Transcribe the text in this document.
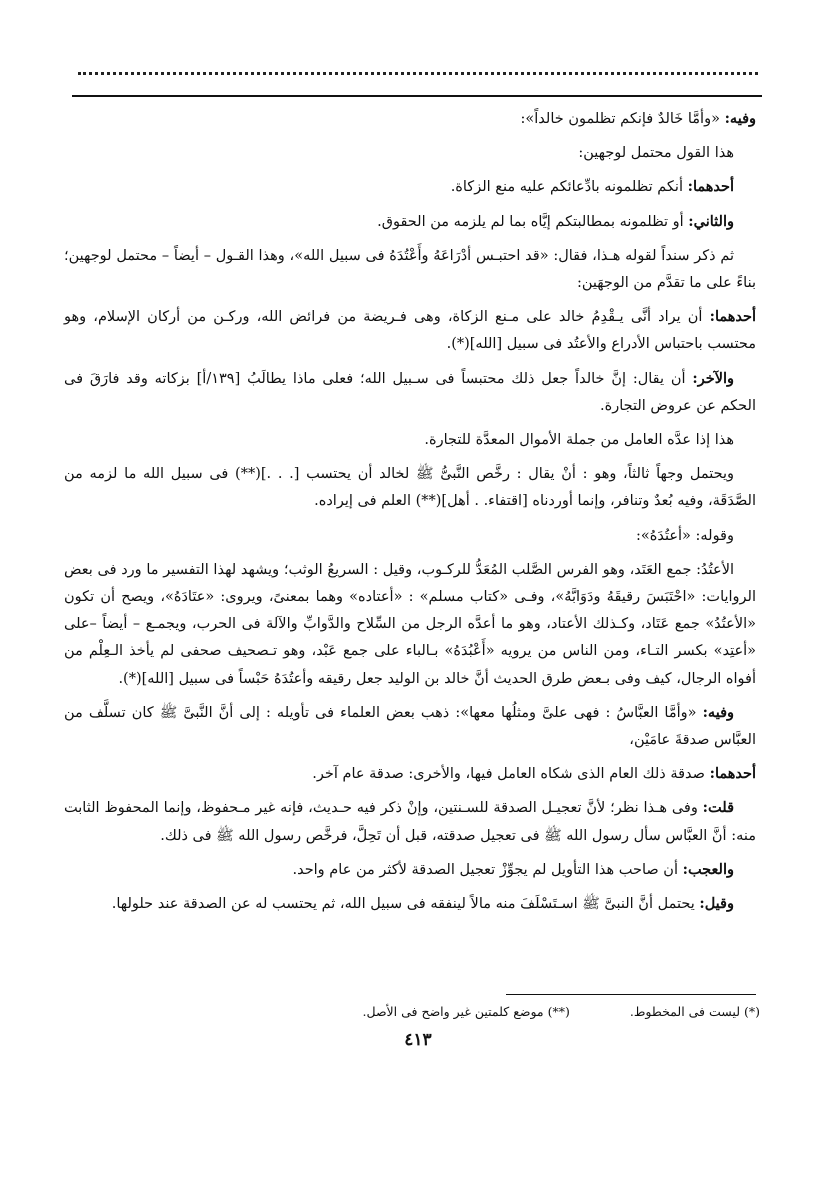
وفيه: «وأمَّا خَالدٌ فإنكم تظلمون خالداً»:

هذا القول محتمل لوجهين:

أحدهما: أنكم تظلمونه بادِّعائكم عليه منع الزكاة.

والثاني: أو تظلمونه بمطالبتكم إيَّاه بما لم يلزمه من الحقوق.

ثم ذكر سنداً لقوله هـذا، فقال: «قد احتبـس أدْرَاعَهُ وأَعْتُدَهُ فى سبيل الله»، وهذا القـول – أيضاً – محتمل لوجهين؛ بناءً على ما تقدَّم من الوجهَين:

أحدهما: أن يراد أنَّى يـقْدِمُ خالد على مـنع الزكاة، وهى فـريضة من فرائض الله، وركـن من أركان الإسلام، وهو محتسب باحتباس الأدراع والأعتُد فى سبيل [الله](*).

والآخر: أن يقال: إنَّ خالداً جعل ذلك محتبساً فى سـبيل الله؛ فعلى ماذا يطالَبُ [١٣٩/أ] بزكاته وقد فارَقَ فى الحكم عن عروض التجارة.

هذا إذا عدَّه العامل من جملة الأموال المعدَّة للتجارة.

ويحتمل وجهاً ثالثاً، وهو : أنْ يقال : رخَّص النَّبىُّ ﷺ لخالد أن يحتسب [. . .](**) فى سبيل الله ما لزمه من الصَّدَقَة، وفيه بُعدٌ وتنافر، وإنما أوردناه [اقتفاء. . أهل](**) العلم فى إيراده.

وقوله: «أعتُدَهُ»:

الأعتُدُ: جمع العَتَد، وهو الفرس الصَّلب المُعَدُّ للركـوب، وقيل : السريعُ الوثب؛ ويشهد لهذا التفسير ما ورد فى بعض الروايات: «احْتَبَسَ رقيقَهُ ودَوَابَّهُ»، وفـى «كتاب مسلم» : «أعتاده» وهما بمعنىً، ويروى: «عتَادَهُ»، ويصح أن تكون «الأعتُدُ» جمع عَتَاد، وكـذلك الأعتاد، وهو ما أعدَّه الرجل من السِّلاح والدَّوابِّ والآلة فى الحرب، ويجمـع – أيضاً –على «أعتِد» بكسر التـاء، ومن الناس من يرويه «أَعْبُدَهُ» بـالباء على جمع عَبْد، وهو تـصحيف صحفى لم يأخذ الـعِلْم من أفواه الرجال، كيف وفى بـعض طرق الحديث أنَّ خالد بن الوليد جعل رقيقه وأعتُدَهُ حَبْساً فى سبيل [الله](*).

وفيه: «وأمَّا العبَّاسُ : فهى علىَّ ومثلُها معها»: ذهب بعض العلماء فى تأويله : إلى أنَّ النَّبىَّ ﷺ كان تسلَّف من العبَّاس صدقةَ عامَيْن،

أحدهما: صدقة ذلك العام الذى شكاه العامل فيها، والأخرى: صدقة عام آخر.

قلت: وفى هـذا نظر؛ لأنَّ تعجيـل الصدقة للسـنتين، وإنْ ذكر فيه حـديث، فإنه غير مـحفوظ، وإنما المحفوظ الثابت منه: أنَّ العبَّاس سأل رسول الله ﷺ فى تعجيل صدقته، قبل أن تَحِلَّ، فرخَّص رسول الله ﷺ فى ذلك.

والعجب: أن صاحب هذا التأويل لم يجوِّزْ تعجيل الصدقة لأكثر من عام واحد.

وقيل: يحتمل أنَّ النبىَّ ﷺ اسـتَسْلَفَ منه مالاً لينفقه فى سبيل الله، ثم يحتسب له عن الصدقة عند حلولها.

(*) ليست فى المخطوط.
(**) موضع كلمتين غير واضح فى الأصل.
٤١٣
